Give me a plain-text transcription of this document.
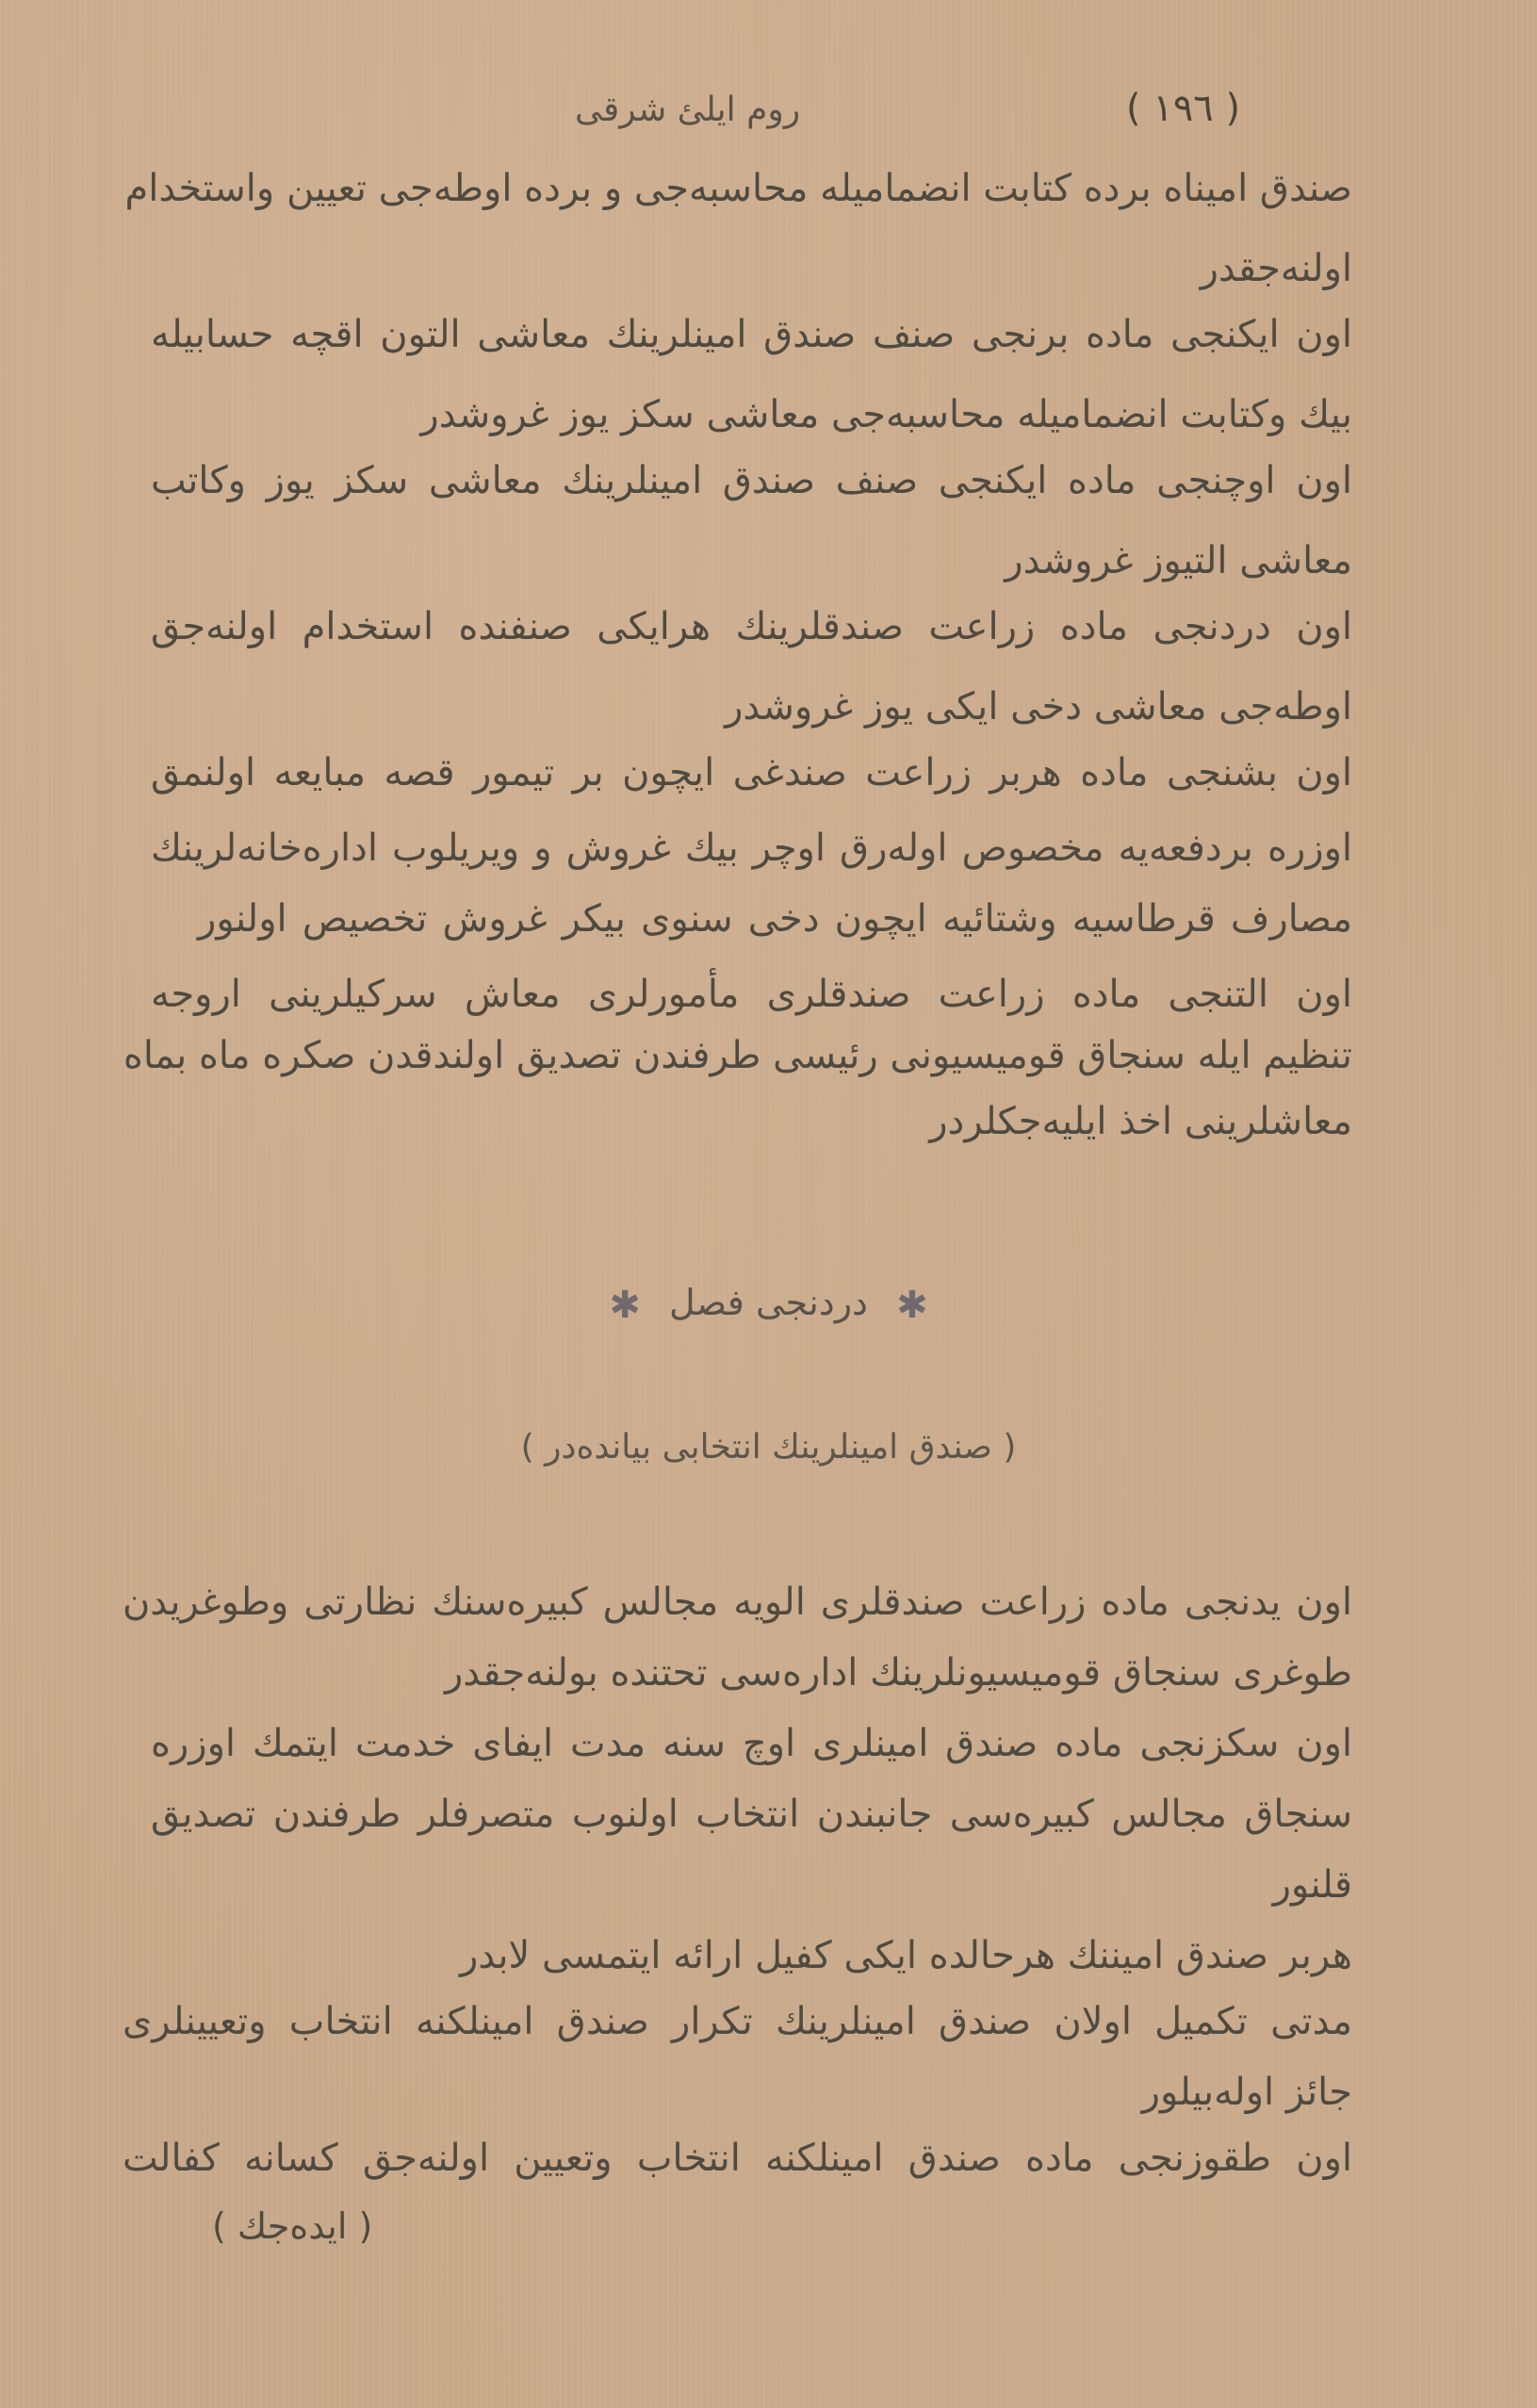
( ١٩٦ )
روم ایلئ شرقی
صندق امیناه برده کتابت انضمامیله محاسبه‌جی و برده اوطه‌جی تعیین واستخدام
اولنه‌جقدر
اون ایکنجی ماده برنجی صنف صندق امینلرینك معاشی التون اقچه حسابیله
بیك وکتابت انضمامیله محاسبه‌جی معاشی سکز یوز غروشدر
اون اوچنجی ماده ایکنجی صنف صندق امینلرینك معاشی سکز یوز وکاتب
معاشی التیوز غروشدر
اون دردنجی ماده زراعت صندقلرینك هرایکی صنفنده استخدام اولنه‌جق
اوطه‌جی معاشی دخی ایکی یوز غروشدر
اون بشنجی ماده هربر زراعت صندغی ایچون بر تیمور قصه مبایعه اولنمق
اوزره بردفعه‌یه مخصوص اوله‌رق اوچر بیك غروش و ویریلوب اداره‌خانه‌لرینك
مصارف قرطاسیه وشتائیه ایچون دخی سنوی بیکر غروش تخصیص اولنور
اون التنجی ماده زراعت صندقلری مأمورلری معاش سرکیلرینی اروجه
تنظیم ایله سنجاق قومیسیونی رئیسی طرفندن تصدیق اولندقدن صکره ماه بماه
معاشلرینی اخذ ایلیه‌جکلردر
✱ دردنجی فصل ✱
( صندق امینلرینك انتخابی بیانده‌در )
اون یدنجی ماده زراعت صندقلری الویه مجالس کبیره‌سنك نظارتی وطوغریدن
طوغری سنجاق قومیسیونلرینك اداره‌سی تحتنده بولنه‌جقدر
اون سکزنجی ماده صندق امینلری اوچ سنه مدت ایفای خدمت ایتمك اوزره
سنجاق مجالس کبیره‌سی جانبندن انتخاب اولنوب متصرفلر طرفندن تصدیق
قلنور
هربر صندق امیننك هرحالده ایکی کفیل ارائه ایتمسی لابدر
مدتی تکمیل اولان صندق امینلرینك تکرار صندق امینلکنه انتخاب وتعیینلری
جائز اوله‌بیلور
اون طقوزنجی ماده صندق امینلکنه انتخاب وتعیین اولنه‌جق کسانه کفالت
( ایده‌جك )
